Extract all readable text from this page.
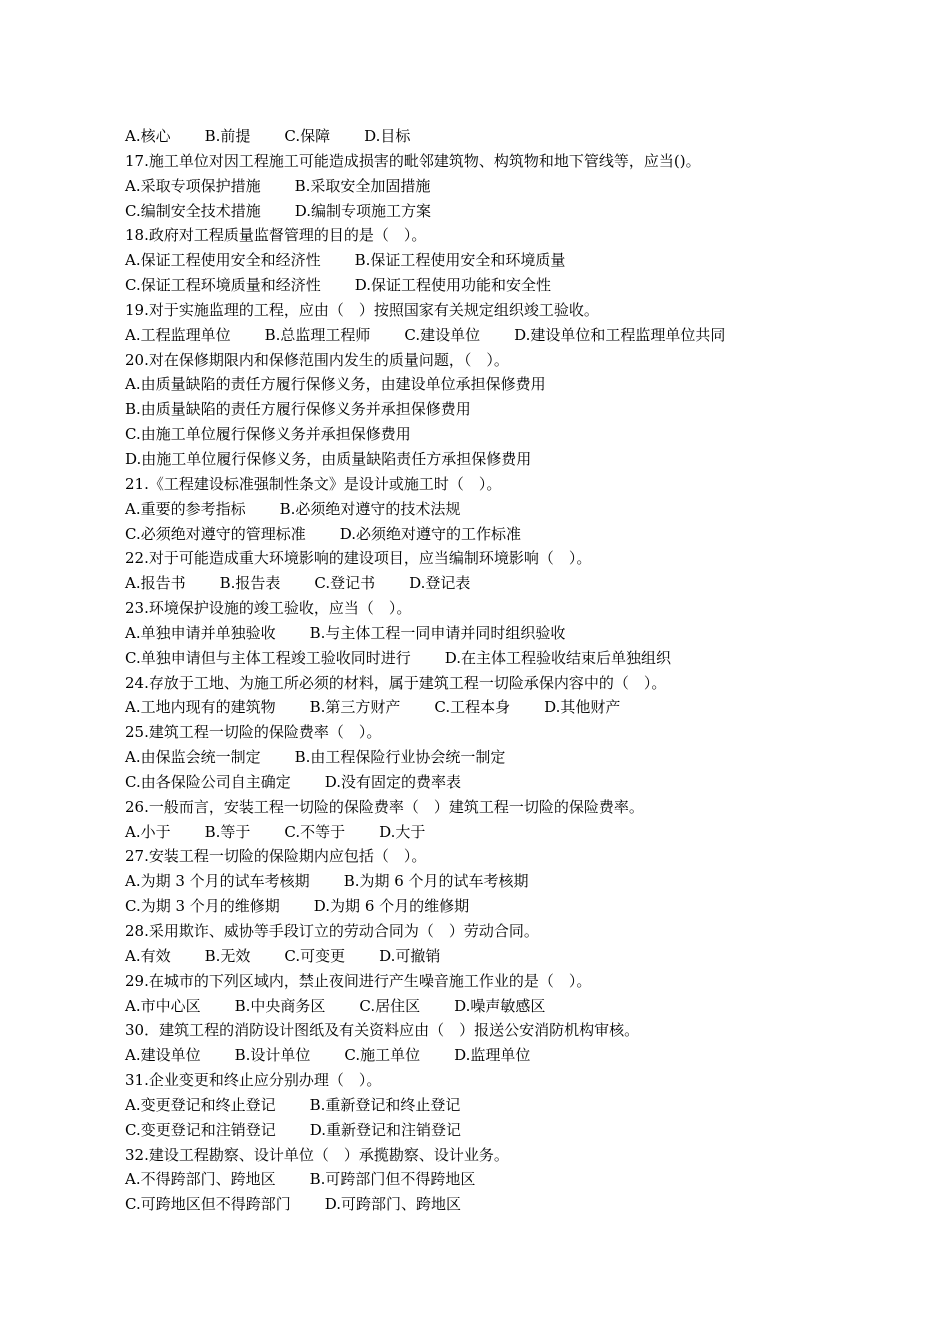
A.核心 B.前提 C.保障 D.目标
17.施工单位对因工程施工可能造成损害的毗邻建筑物、构筑物和地下管线等，应当()。
A.采取专项保护措施 B.采取安全加固措施
C.编制安全技术措施 D.编制专项施工方案
18.政府对工程质量监督管理的目的是（　）。
A.保证工程使用安全和经济性 B.保证工程使用安全和环境质量
C.保证工程环境质量和经济性 D.保证工程使用功能和安全性
19.对于实施监理的工程，应由（　）按照国家有关规定组织竣工验收。
A.工程监理单位 B.总监理工程师 C.建设单位 D.建设单位和工程监理单位共同
20.对在保修期限内和保修范围内发生的质量问题，（　）。
A.由质量缺陷的责任方履行保修义务，由建设单位承担保修费用
B.由质量缺陷的责任方履行保修义务并承担保修费用
C.由施工单位履行保修义务并承担保修费用
D.由施工单位履行保修义务，由质量缺陷责任方承担保修费用
21.《工程建设标准强制性条文》是设计或施工时（　）。
A.重要的参考指标 B.必须绝对遵守的技术法规
C.必须绝对遵守的管理标准 D.必须绝对遵守的工作标准
22.对于可能造成重大环境影响的建设项目，应当编制环境影响（　）。
A.报告书 B.报告表 C.登记书 D.登记表
23.环境保护设施的竣工验收，应当（　）。
A.单独申请并单独验收 B.与主体工程一同申请并同时组织验收
C.单独申请但与主体工程竣工验收同时进行 D.在主体工程验收结束后单独组织
24.存放于工地、为施工所必须的材料，属于建筑工程一切险承保内容中的（　）。
A.工地内现有的建筑物 B.第三方财产 C.工程本身 D.其他财产
25.建筑工程一切险的保险费率（　）。
A.由保监会统一制定 B.由工程保险行业协会统一制定
C.由各保险公司自主确定 D.没有固定的费率表
26.一般而言，安装工程一切险的保险费率（　）建筑工程一切险的保险费率。
A.小于 B.等于 C.不等于 D.大于
27.安装工程一切险的保险期内应包括（　）。
A.为期 3 个月的试车考核期 B.为期 6 个月的试车考核期
C.为期 3 个月的维修期 D.为期 6 个月的维修期
28.采用欺诈、威协等手段订立的劳动合同为（　）劳动合同。
A.有效 B.无效 C.可变更 D.可撤销
29.在城市的下列区域内，禁止夜间进行产生噪音施工作业的是（　）。
A.市中心区 B.中央商务区 C.居住区 D.噪声敏感区
30．建筑工程的消防设计图纸及有关资料应由（　）报送公安消防机构审核。
A.建设单位 B.设计单位 C.施工单位 D.监理单位
31.企业变更和终止应分别办理（　）。
A.变更登记和终止登记 B.重新登记和终止登记
C.变更登记和注销登记 D.重新登记和注销登记
32.建设工程勘察、设计单位（　）承揽勘察、设计业务。
A.不得跨部门、跨地区 B.可跨部门但不得跨地区
C.可跨地区但不得跨部门 D.可跨部门、跨地区
